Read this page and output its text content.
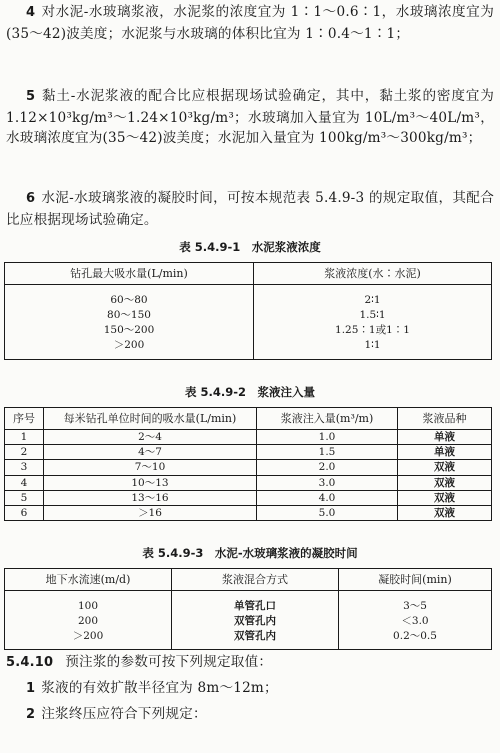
4 对水泥-水玻璃浆液，水泥浆的浓度宜为 1∶1～0.6∶1，水玻璃浓度宜为(35～42)波美度；水泥浆与水玻璃的体积比宜为 1∶0.4～1∶1；

5 黏土-水泥浆液的配合比应根据现场试验确定，其中，黏土浆的密度宜为 1.12×10³kg/m³～1.24×10³kg/m³；水玻璃加入量宜为 10L/m³～40L/m³，水玻璃浓度宜为(35～42)波美度；水泥加入量宜为 100kg/m³～300kg/m³；

6 水泥-水玻璃浆液的凝胶时间，可按本规范表 5.4.9-3 的规定取值，其配合比应根据现场试验确定。

表 5.4.9-1　水泥浆液浓度
钻孔最大吸水量(L/min)	浆液浓度(水∶水泥)
60～80	2∶1
80～150	1.5∶1
150～200	1.25∶1或1∶1
＞200	1∶1
表 5.4.9-2　浆液注入量
序号	每米钻孔单位时间的吸水量(L/min)	浆液注入量(m³/m)	浆液品种
1	2～4	1.0	单液
2	4～7	1.5	单液
3	7～10	2.0	双液
4	10～13	3.0	双液
5	13～16	4.0	双液
6	＞16	5.0	双液
表 5.4.9-3　水泥-水玻璃浆液的凝胶时间
地下水流速(m/d)	浆液混合方式	凝胶时间(min)
100	单管孔口	3～5
200	双管孔内	＜3.0
＞200	双管孔内	0.2～0.5

5.4.10 预注浆的参数可按下列规定取值：

1 浆液的有效扩散半径宜为 8m～12m；

2 注浆终压应符合下列规定：
